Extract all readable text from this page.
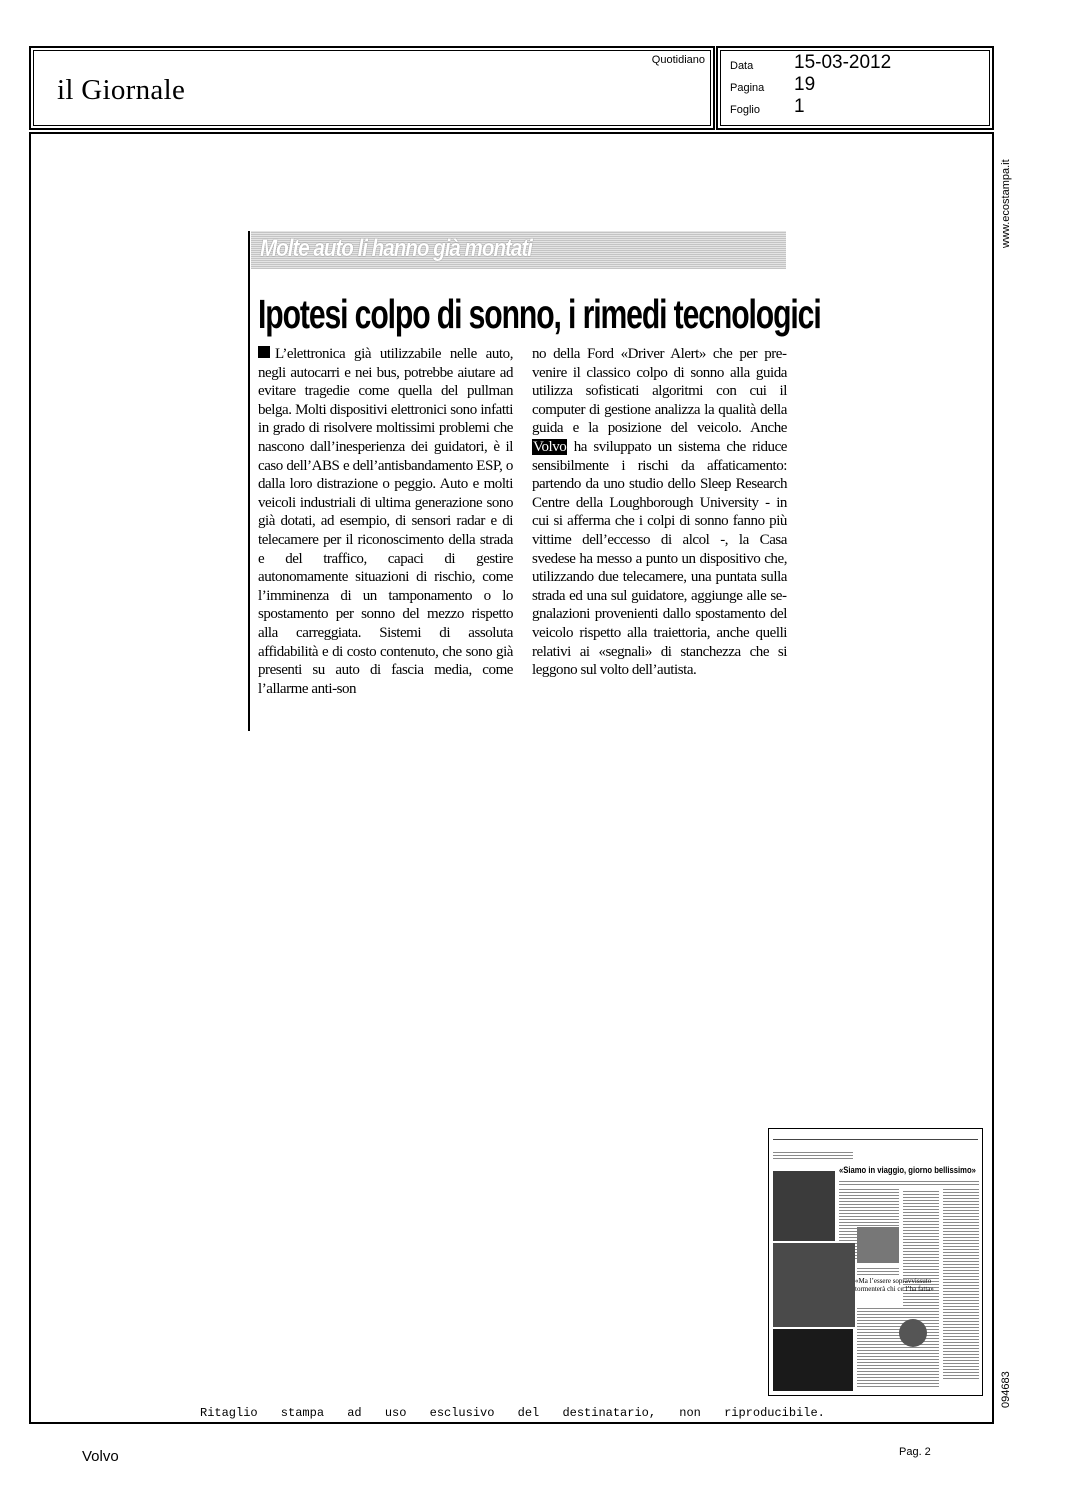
il Giornale
Quotidiano Data 15-03-2012
Pagina 19
Foglio 1
www.ecostampa.it
094683
Molte auto li hanno già montati
Ipotesi colpo di sonno, i rimedi tecnologici
L’elettronica già utilizzabile nelle auto, negli autocarri e nei bus, potrebbe aiutare ad evitare tragedie come quella del pullman belga. Molti dispositivi elettronici sono infatti in grado di risolvere moltissimi problemi che nascono dall’inesperienza dei guidatori, è il caso dell’ABS e dell’antisbandamento ESP, o dalla loro distrazione o peggio. Auto e molti veicoli industriali di ultima generazione sono già dotati, ad esempio, di sensori radar e di telecamere per il riconoscimento della strada e del traffico, capaci di gestire autonomamente situazioni di rischio, come l’imminenza di un tamponamento o lo spostamento per sonno del mezzo rispetto alla carreggiata. Sistemi di assoluta affidabilità e di costo contenuto, che sono già presenti su auto di fascia media, come l’allarme anti-son
no della Ford «Driver Alert» che per prevenire il classico colpo di sonno alla guida utilizza sofisticati algoritmi con cui il computer di gestione analizza la qualità della guida e la posizione del veicolo. Anche Volvo ha sviluppato un sistema che riduce sensibilmente i rischi da affaticamento: partendo da uno studio dello Sleep Research Centre della Loughborough University - in cui si afferma che i colpi di sonno fanno più vittime dell’eccesso di alcol -, la Casa svedese ha messo a punto un dispositivo che, utilizzando due telecamere, una puntata sulla strada ed una sul guidatore, aggiunge alle segnalazioni provenienti dallo spostamento del veicolo rispetto alla traiettoria, anche quelli relativi ai «segnali» di stanchezza che si leggono sul volto dell’autista.
«Siamo in viaggio, giorno bellissimo»
«Ma l’essere sopravvissuto tormenterà chi ce l’ha fatta»
Ritaglio stampa ad uso esclusivo del destinatario, non riproducibile.
Volvo	Pag. 2
